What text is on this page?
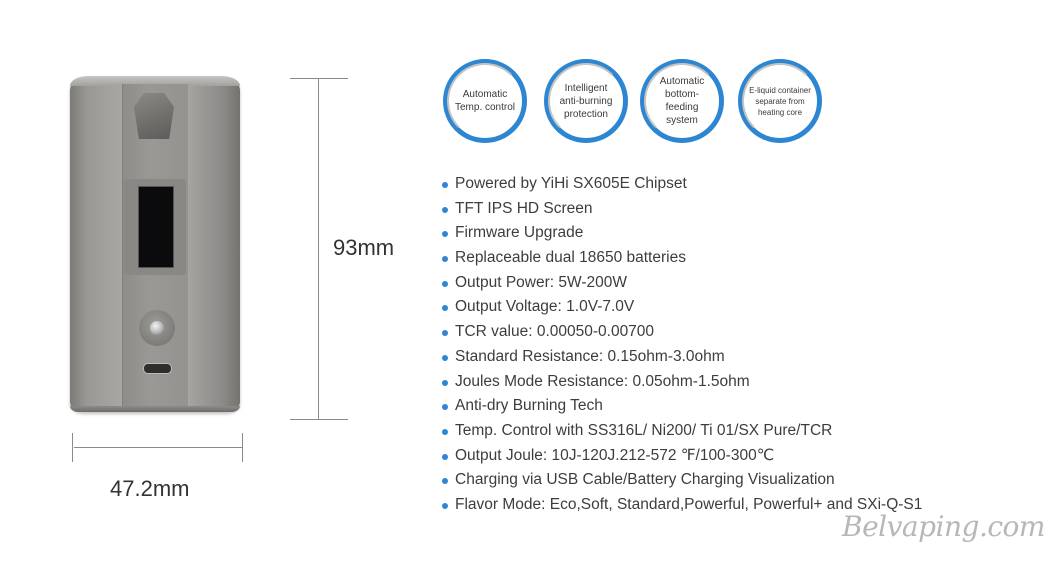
93mm
47.2mm
Automatic Temp. control
Intelligent anti-burning protection
Automatic bottom-feeding system
E-liquid container separate from heating core
Powered by YiHi SX605E Chipset
TFT IPS HD Screen
Firmware Upgrade
Replaceable dual 18650 batteries
Output Power: 5W-200W
Output Voltage: 1.0V-7.0V
TCR value: 0.00050-0.00700
Standard Resistance: 0.15ohm-3.0ohm
Joules Mode Resistance: 0.05ohm-1.5ohm
Anti-dry Burning Tech
Temp. Control with SS316L/ Ni200/ Ti 01/SX Pure/TCR
Output Joule: 10J-120J.212-572 ℉/100-300℃
Charging via USB Cable/Battery Charging Visualization
Flavor Mode: Eco,Soft, Standard,Powerful, Powerful+ and SXi-Q-S1
Belvaping.com
